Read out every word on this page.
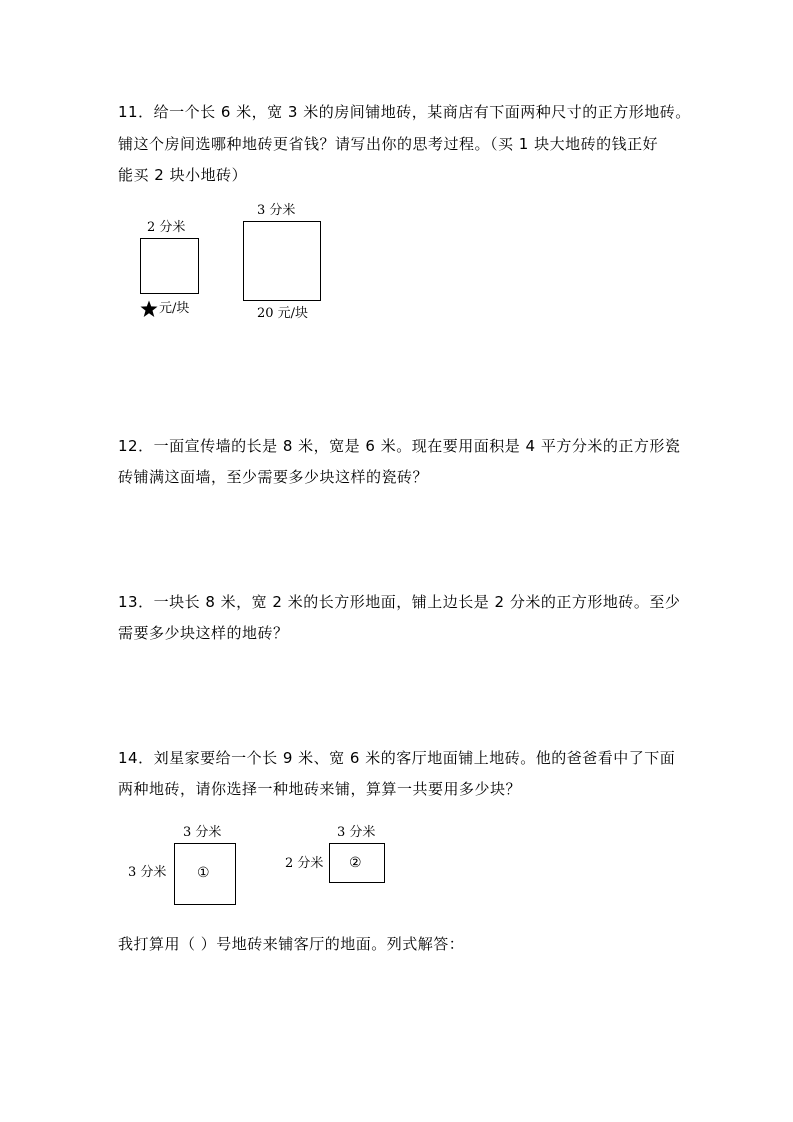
11．给一个长 6 米，宽 3 米的房间铺地砖，某商店有下面两种尺寸的正方形地砖。
铺这个房间选哪种地砖更省钱？请写出你的思考过程。（买 1 块大地砖的钱正好
能买 2 块小地砖）
2 分米
元/块
3 分米
20 元/块
12．一面宣传墙的长是 8 米，宽是 6 米。现在要用面积是 4 平方分米的正方形瓷
砖铺满这面墙，至少需要多少块这样的瓷砖？
13．一块长 8 米，宽 2 米的长方形地面，铺上边长是 2 分米的正方形地砖。至少
需要多少块这样的地砖？
14．刘星家要给一个长 9 米、宽 6 米的客厅地面铺上地砖。他的爸爸看中了下面
两种地砖，请你选择一种地砖来铺，算算一共要用多少块？
3 分米
3 分米 ①
3 分米
2 分米 ②
我打算用（ ）号地砖来铺客厅的地面。列式解答：
